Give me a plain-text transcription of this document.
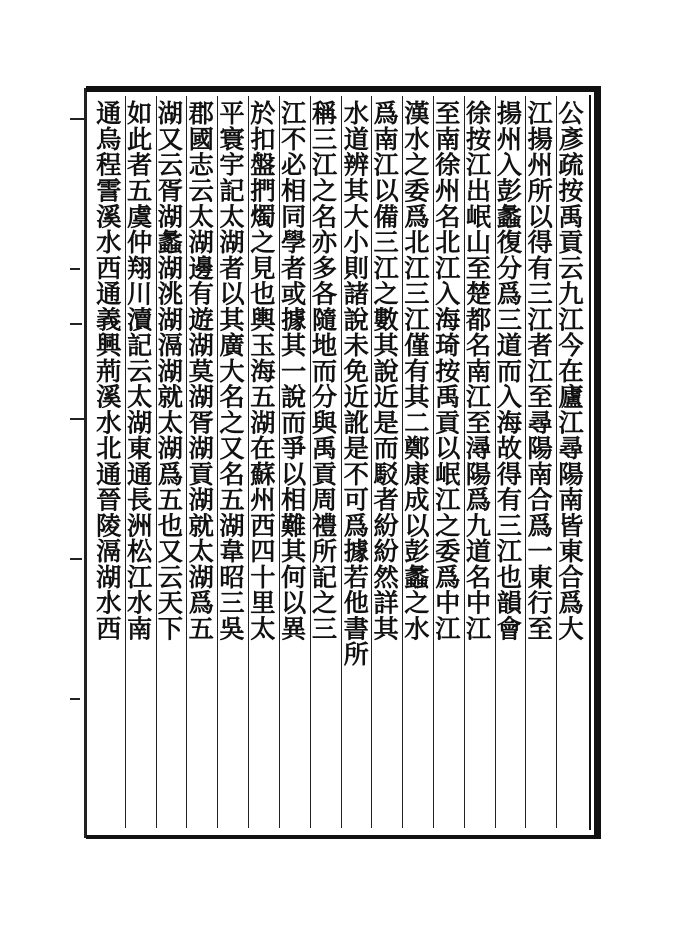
公彥疏按禹貢云九江今在廬江尋陽南皆東合爲大
江揚州所以得有三江者江至尋陽南合爲一東行至
揚州入彭蠡復分爲三道而入海故得有三江也韻會
徐按江出岷山至楚都名南江至潯陽爲九道名中江
至南徐州名北江入海琦按禹貢以岷江之委爲中江
漢水之委爲北江三江僅有其二鄭康成以彭蠡之水
爲南江以備三江之數其說近是而駁者紛紛然詳其
水道辨其大小則諸說未免近訛是不可爲據若他書所
稱三江之名亦多各隨地而分與禹貢周禮所記之三
江不必相同學者或據其一說而爭以相難其何以異
於扣盤捫燭之見也輿玉海五湖在蘇州西四十里太
平寰宇記太湖者以其廣大名之又名五湖韋昭三吳
郡國志云太湖邊有遊湖莫湖胥湖貢湖就太湖爲五
湖又云胥湖蠡湖洮湖滆湖就太湖爲五也又云天下
如此者五虞仲翔川瀆記云太湖東通長洲松江水南
通烏程霅溪水西通義興荊溪水北通晉陵滆湖水西
